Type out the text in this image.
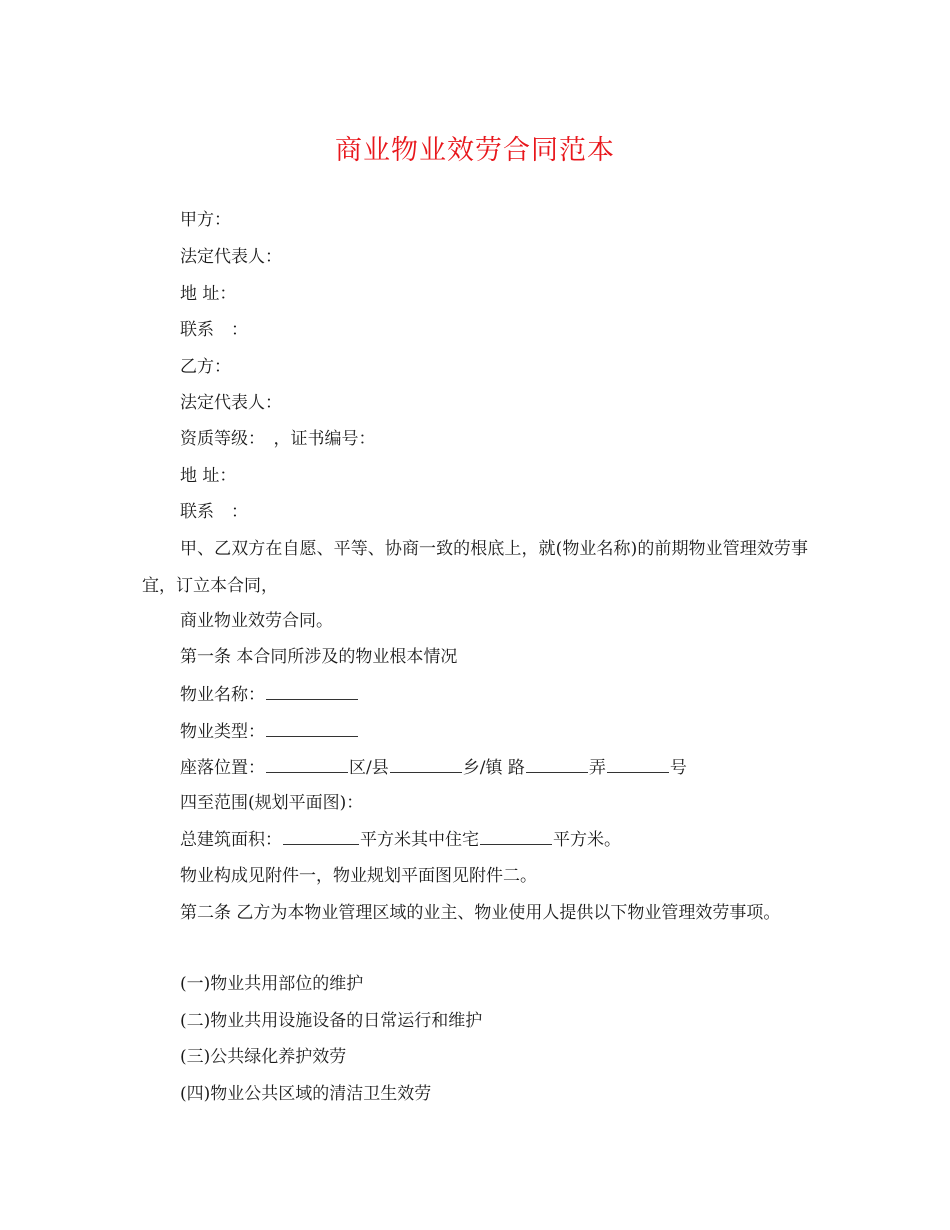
商业物业效劳合同范本
甲方：
法定代表人：
地 址：
联系　：
乙方：
法定代表人：
资质等级：　，证书编号：
地 址：
联系　：
甲、乙双方在自愿、平等、协商一致的根底上，就(物业名称)的前期物业管理效劳事宜，订立本合同，
商业物业效劳合同。
第一条 本合同所涉及的物业根本情况
物业名称：
物业类型：
座落位置：	区/县	乡/镇 路	弄	号
四至范围(规划平面图)：
总建筑面积：	平方米其中住宅	平方米。
物业构成见附件一，物业规划平面图见附件二。
第二条 乙方为本物业管理区域的业主、物业使用人提供以下物业管理效劳事项。
(一)物业共用部位的维护
(二)物业共用设施设备的日常运行和维护
(三)公共绿化养护效劳
(四)物业公共区域的清洁卫生效劳
